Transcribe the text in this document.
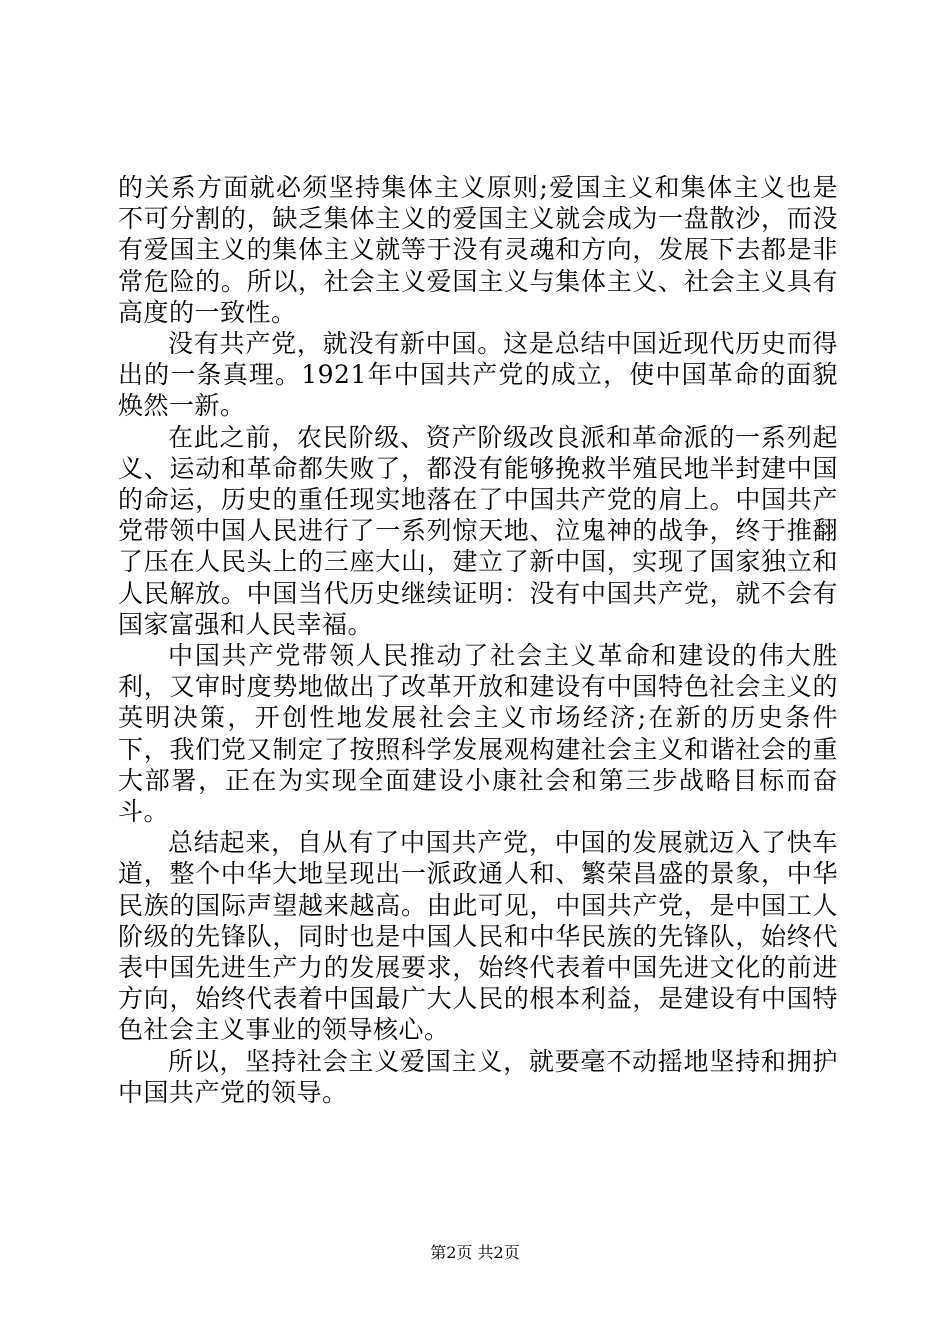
的关系方面就必须坚持集体主义原则;爱国主义和集体主义也是不可分割的，缺乏集体主义的爱国主义就会成为一盘散沙，而没有爱国主义的集体主义就等于没有灵魂和方向，发展下去都是非常危险的。所以，社会主义爱国主义与集体主义、社会主义具有高度的一致性。

没有共产党，就没有新中国。这是总结中国近现代历史而得出的一条真理。1921年中国共产党的成立，使中国革命的面貌焕然一新。

在此之前，农民阶级、资产阶级改良派和革命派的一系列起义、运动和革命都失败了，都没有能够挽救半殖民地半封建中国的命运，历史的重任现实地落在了中国共产党的肩上。中国共产党带领中国人民进行了一系列惊天地、泣鬼神的战争，终于推翻了压在人民头上的三座大山，建立了新中国，实现了国家独立和人民解放。中国当代历史继续证明：没有中国共产党，就不会有国家富强和人民幸福。

中国共产党带领人民推动了社会主义革命和建设的伟大胜利，又审时度势地做出了改革开放和建设有中国特色社会主义的英明决策，开创性地发展社会主义市场经济;在新的历史条件下，我们党又制定了按照科学发展观构建社会主义和谐社会的重大部署，正在为实现全面建设小康社会和第三步战略目标而奋斗。

总结起来，自从有了中国共产党，中国的发展就迈入了快车道，整个中华大地呈现出一派政通人和、繁荣昌盛的景象，中华民族的国际声望越来越高。由此可见，中国共产党，是中国工人阶级的先锋队，同时也是中国人民和中华民族的先锋队，始终代表中国先进生产力的发展要求，始终代表着中国先进文化的前进方向，始终代表着中国最广大人民的根本利益，是建设有中国特色社会主义事业的领导核心。

所以，坚持社会主义爱国主义，就要毫不动摇地坚持和拥护中国共产党的领导。

第2页 共2页
